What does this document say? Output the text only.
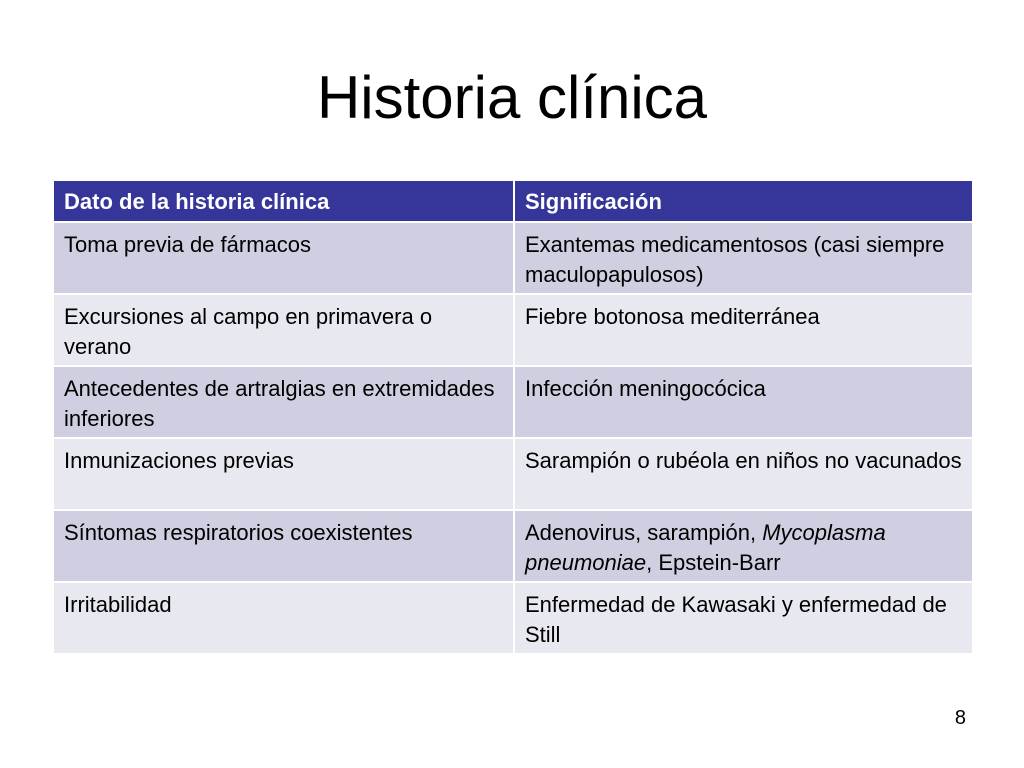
Historia clínica
Dato de la historia clínica	Significación
Toma previa de fármacos	Exantemas medicamentosos (casi siempre maculopapulosos)
Excursiones al campo en primavera o verano	Fiebre botonosa mediterránea
Antecedentes de artralgias en extremidades inferiores	Infección meningocócica
Inmunizaciones previas	Sarampión o rubéola en niños no vacunados
Síntomas respiratorios coexistentes	Adenovirus, sarampión, Mycoplasma pneumoniae, Epstein-Barr
Irritabilidad	Enfermedad de Kawasaki y enfermedad de Still
8
